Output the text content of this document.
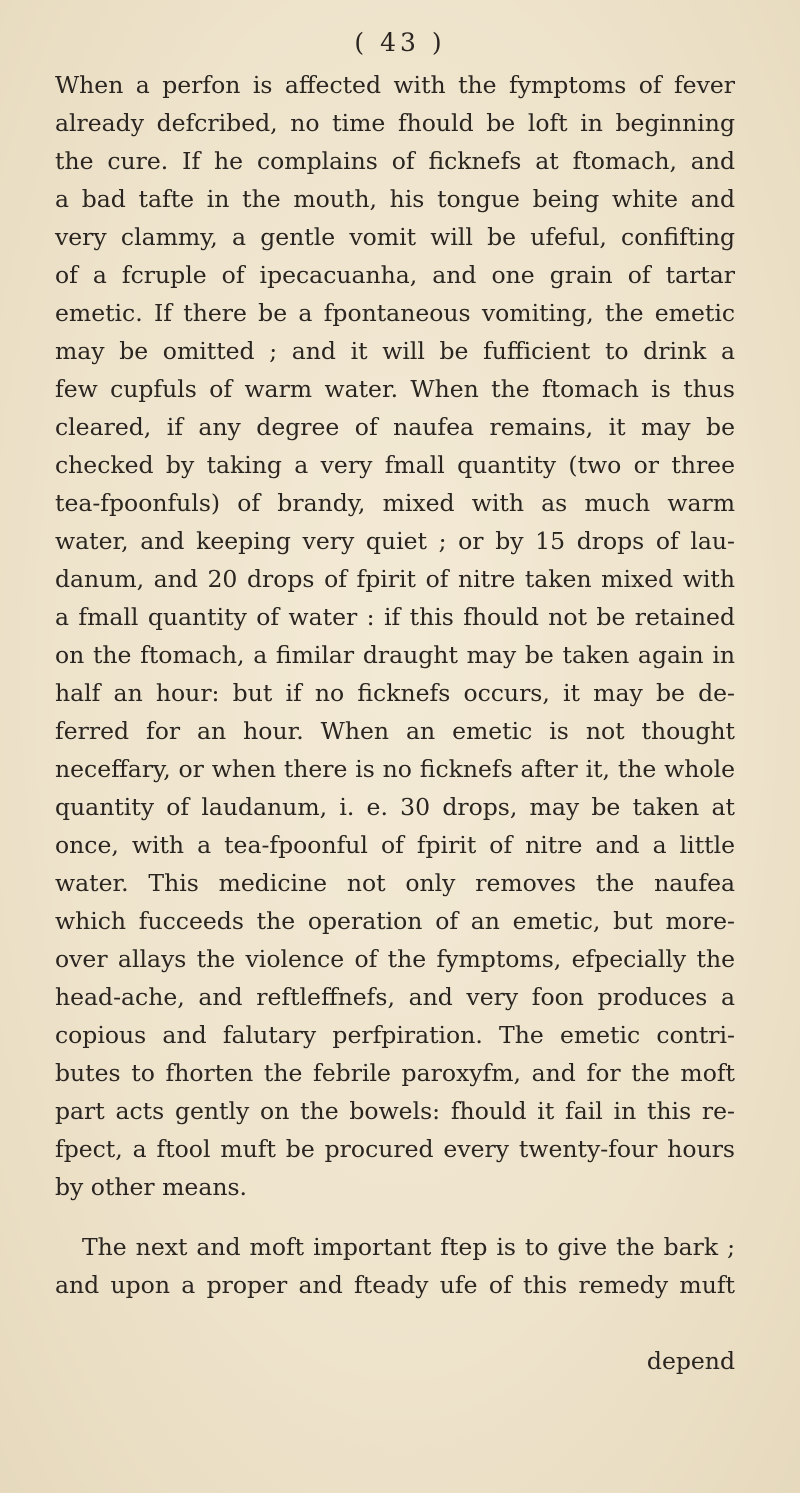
( 43 )
When a perfon is affected with the fymptoms of fever
already defcribed, no time fhould be loft in beginning
the cure. If he complains of ficknefs at ftomach, and
a bad tafte in the mouth, his tongue being white and
very clammy, a gentle vomit will be ufeful, confifting
of a fcruple of ipecacuanha, and one grain of tartar
emetic. If there be a fpontaneous vomiting, the emetic
may be omitted ; and it will be fufficient to drink a
few cupfuls of warm water. When the ftomach is thus
cleared, if any degree of naufea remains, it may be
checked by taking a very fmall quantity (two or three
tea-fpoonfuls) of brandy, mixed with as much warm
water, and keeping very quiet ; or by 15 drops of lau-
danum, and 20 drops of fpirit of nitre taken mixed with
a fmall quantity of water : if this fhould not be retained
on the ftomach, a fimilar draught may be taken again in
half an hour: but if no ficknefs occurs, it may be de-
ferred for an hour. When an emetic is not thought
neceffary, or when there is no ficknefs after it, the whole
quantity of laudanum, i. e. 30 drops, may be taken at
once, with a tea-fpoonful of fpirit of nitre and a little
water. This medicine not only removes the naufea
which fucceeds the operation of an emetic, but more-
over allays the violence of the fymptoms, efpecially the
head-ache, and reftleffnefs, and very foon produces a
copious and falutary perfpiration. The emetic contri-
butes to fhorten the febrile paroxyfm, and for the moft
part acts gently on the bowels: fhould it fail in this re-
fpect, a ftool muft be procured every twenty-four hours
by other means.
The next and moft important ftep is to give the bark ;
and upon a proper and fteady ufe of this remedy muft
depend
